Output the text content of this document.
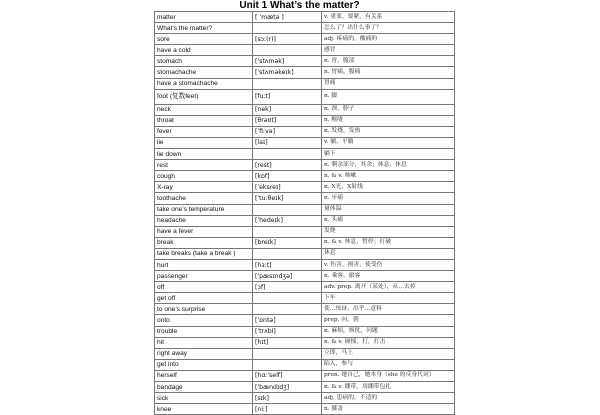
Unit 1 What’s the matter?
matter	[ ˈmætə ]	v. 重要、要紧，有关系
What’s the matter?		怎么了？出什么事了？
sore	[sɔː(r)]	adj. 疼痛的，酸痛的
have a cold		感冒
stomach	[ˈstʌmək]	n. 胃，腹部
stomachache	[ˈstʌməkeɪk]	n. 胃痛，腹痛
have a stomachache		胃痛
foot (复数feet)	[fuːt]	n. 脚
neck	[nek]	n. 颈，脖子
throat	[θrəʊt]	n. 喉咙
fever	[ˈfiːvə]	n. 发烧，发热
lie	[laɪ]	v. 躺，平躺
lie down		躺下
rest	[rest]	n. 剩余部分，其余；休息，休息
cough	[kɒf]	n. & v. 咳嗽
X-ray	[ˈeksreɪ]	n. X光，X射线
toothache	[ˈtuːθeɪk]	n. 牙痛
take one’s temperature		量体温
headache	[ˈhedeɪk]	n. 头痛
have a fever		发烧
break	[breɪk]	n. & v. 休息，暂停；打破
take breaks (take a break )		休息
hurt	[hɜːt]	v. 伤害，损害，使受伤
passenger	[ˈpæsɪndʒə]	n. 乘客，旅客
off	[ɔf]	adv. prep. 离开（某处），从…去掉
get off		下车
to one’s surprise		使…惊讶，出乎…意料
onto	[ˈɒntə]	prep. 向，朝
trouble	[ˈtrʌbl]	n. 麻烦，烦扰，问题
hit	[hɪt]	n. & v. 碰撞，打，打击
right away		立即，马上
get into		陷入，参与
herself	[hɑːˈself]	pron. 她自己，她本身（she 的反身代词）
bandage	[ˈbændɪdʒ]	n. & v. 绷带，用绷带包扎
sick	[sɪk]	adj. 患病的，不适的
knee	[niː]	n. 膝盖
